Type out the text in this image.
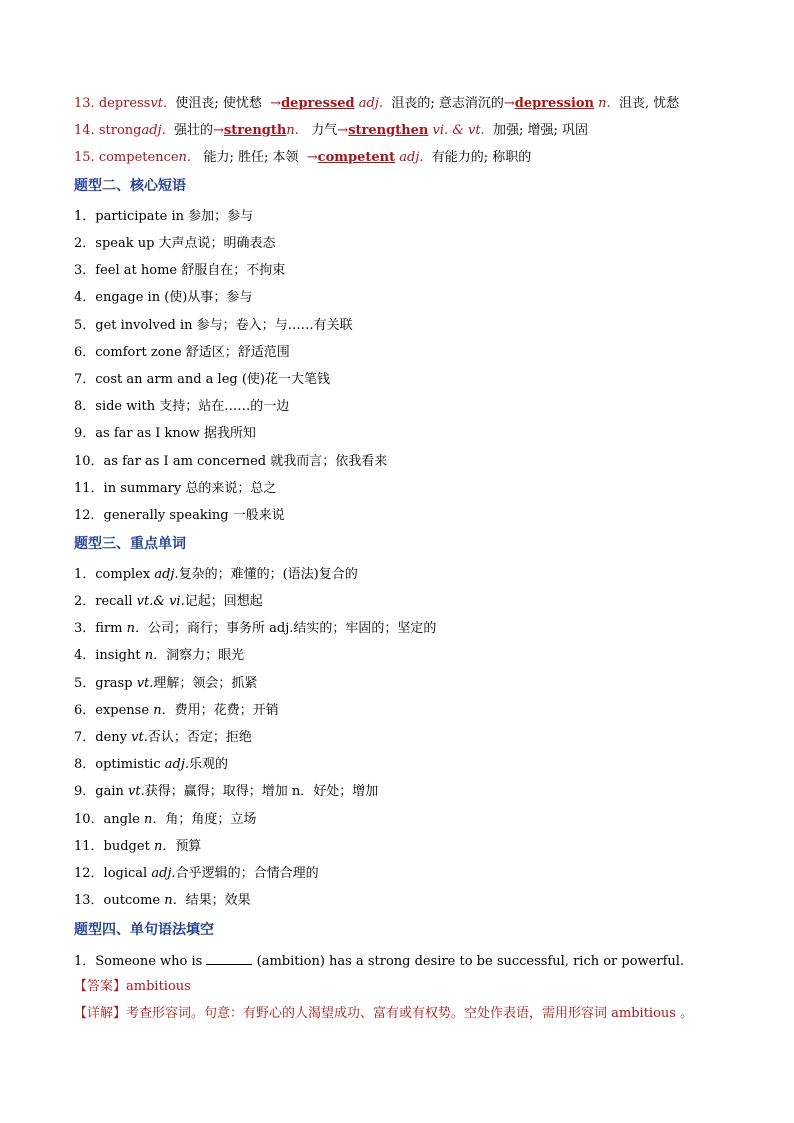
13. depressvt. 使沮丧; 使忧愁 →depressed adj. 沮丧的; 意志消沉的→depression n. 沮丧, 忧愁
14. strongadj. 强壮的→strengthn. 力气→strengthen vi. & vt. 加强; 增强; 巩固
15. competencen. 能力; 胜任; 本领 →competent adj. 有能力的; 称职的
题型二、核心短语
1．participate in 参加；参与
2．speak up 大声点说；明确表态
3．feel at home 舒服自在；不拘束
4．engage in (使)从事；参与
5．get involved in 参与；卷入；与……有关联
6．comfort zone 舒适区；舒适范围
7．cost an arm and a leg (使)花一大笔钱
8．side with 支持；站在……的一边
9．as far as I know 据我所知
10．as far as I am concerned 就我而言；依我看来
11．in summary 总的来说；总之
12．generally speaking 一般来说
题型三、重点单词
1．complex adj.复杂的；难懂的；(语法)复合的
2．recall vt.& vi.记起；回想起
3．firm n．公司；商行；事务所 adj.结实的；牢固的；坚定的
4．insight n．洞察力；眼光
5．grasp vt.理解；领会；抓紧
6．expense n．费用；花费；开销
7．deny vt.否认；否定；拒绝
8．optimistic adj.乐观的
9．gain vt.获得；赢得；取得；增加 n．好处；增加
10．angle n．角；角度；立场
11．budget n．预算
12．logical adj.合乎逻辑的；合情合理的
13．outcome n．结果；效果
题型四、单句语法填空
1．Someone who is	(ambition) has a strong desire to be successful, rich or powerful.
【答案】ambitious
【详解】考查形容词。句意：有野心的人渴望成功、富有或有权势。空处作表语，需用形容词 ambitious 。
